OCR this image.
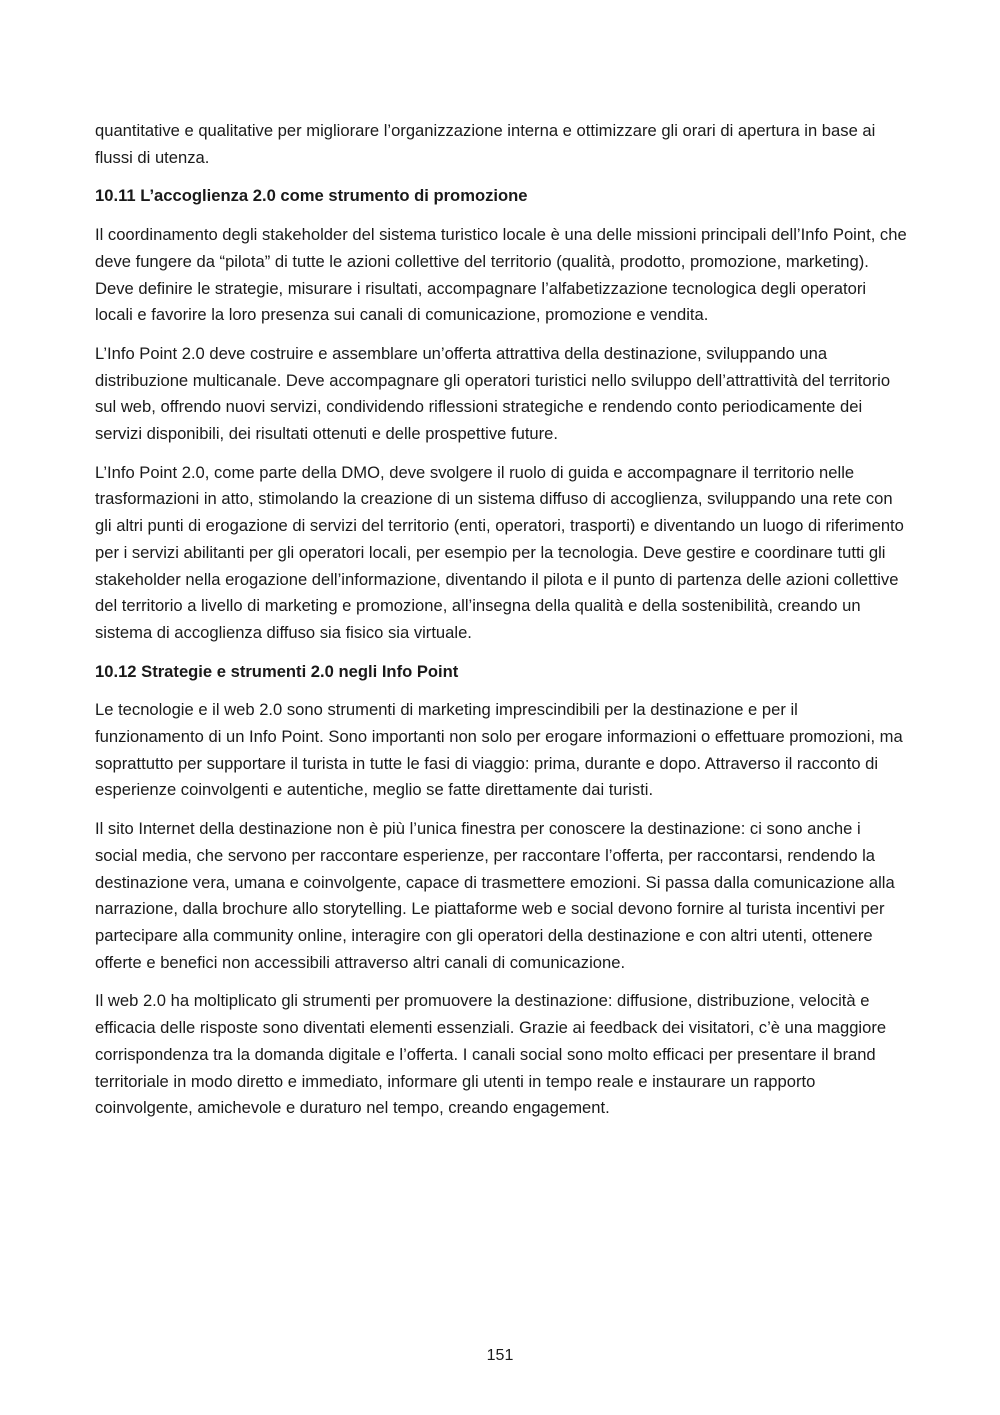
quantitative e qualitative per migliorare l’organizzazione interna e ottimizzare gli orari di apertura in base ai flussi di utenza.

10.11 L’accoglienza 2.0 come strumento di promozione

Il coordinamento degli stakeholder del sistema turistico locale è una delle missioni principali dell’Info Point, che deve fungere da “pilota” di tutte le azioni collettive del territorio (qualità, prodotto, promozione, marketing). Deve definire le strategie, misurare i risultati, accompagnare l’alfabetizzazione tecnologica degli operatori locali e favorire la loro presenza sui canali di comunicazione, promozione e vendita.

L’Info Point 2.0 deve costruire e assemblare un’offerta attrattiva della destinazione, sviluppando una distribuzione multicanale. Deve accompagnare gli operatori turistici nello sviluppo dell’attrattività del territorio sul web, offrendo nuovi servizi, condividendo riflessioni strategiche e rendendo conto periodicamente dei servizi disponibili, dei risultati ottenuti e delle prospettive future.

L’Info Point 2.0, come parte della DMO, deve svolgere il ruolo di guida e accompagnare il territorio nelle trasformazioni in atto, stimolando la creazione di un sistema diffuso di accoglienza, sviluppando una rete con gli altri punti di erogazione di servizi del territorio (enti, operatori, trasporti) e diventando un luogo di riferimento per i servizi abilitanti per gli operatori locali, per esempio per la tecnologia. Deve gestire e coordinare tutti gli stakeholder nella erogazione dell’informazione, diventando il pilota e il punto di partenza delle azioni collettive del territorio a livello di marketing e promozione, all’insegna della qualità e della sostenibilità, creando un sistema di accoglienza diffuso sia fisico sia virtuale.

10.12 Strategie e strumenti 2.0 negli Info Point

Le tecnologie e il web 2.0 sono strumenti di marketing imprescindibili per la destinazione e per il funzionamento di un Info Point. Sono importanti non solo per erogare informazioni o effettuare promozioni, ma soprattutto per supportare il turista in tutte le fasi di viaggio: prima, durante e dopo. Attraverso il racconto di esperienze coinvolgenti e autentiche, meglio se fatte direttamente dai turisti.

Il sito Internet della destinazione non è più l’unica finestra per conoscere la destinazione: ci sono anche i social media, che servono per raccontare esperienze, per raccontare l’offerta, per raccontarsi, rendendo la destinazione vera, umana e coinvolgente, capace di trasmettere emozioni. Si passa dalla comunicazione alla narrazione, dalla brochure allo storytelling. Le piattaforme web e social devono fornire al turista incentivi per partecipare alla community online, interagire con gli operatori della destinazione e con altri utenti, ottenere offerte e benefici non accessibili attraverso altri canali di comunicazione.

Il web 2.0 ha moltiplicato gli strumenti per promuovere la destinazione: diffusione, distribuzione, velocità e efficacia delle risposte sono diventati elementi essenziali. Grazie ai feedback dei visitatori, c’è una maggiore corrispondenza tra la domanda digitale e l’offerta. I canali social sono molto efficaci per presentare il brand territoriale in modo diretto e immediato, informare gli utenti in tempo reale e instaurare un rapporto coinvolgente, amichevole e duraturo nel tempo, creando engagement.

151
